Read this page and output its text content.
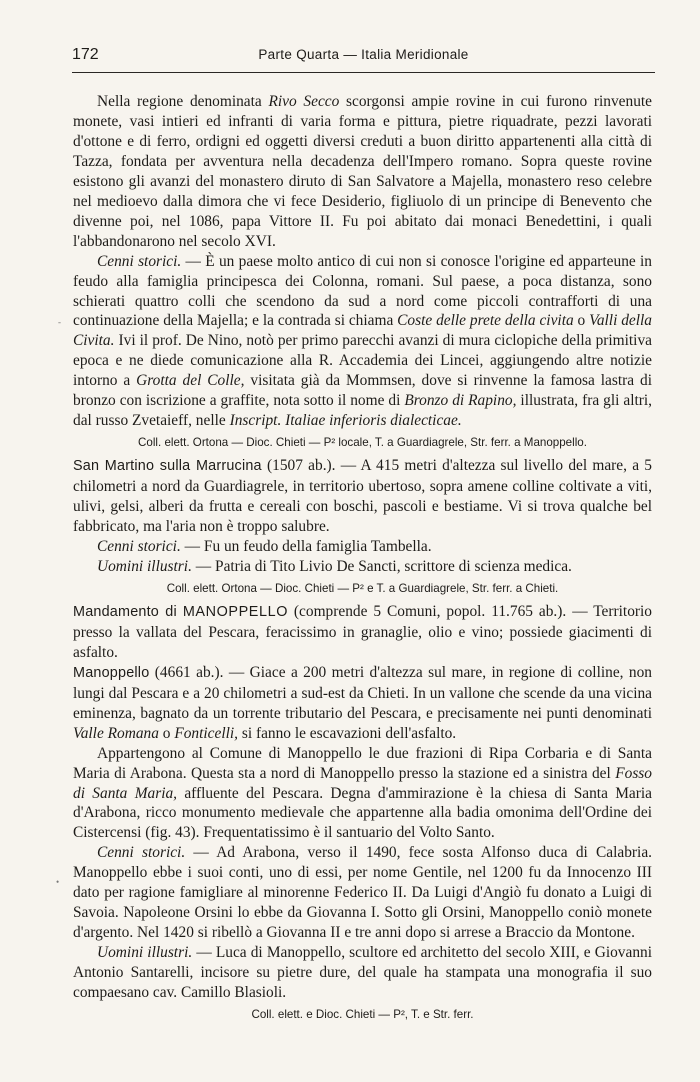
172	Parte Quarta — Italia Meridionale
-
•

Nella regione denominata Rivo Secco scorgonsi ampie rovine in cui furono rinvenute monete, vasi intieri ed infranti di varia forma e pittura, pietre riquadrate, pezzi lavorati d'ottone e di ferro, ordigni ed oggetti diversi creduti a buon diritto appartenenti alla città di Tazza, fondata per avventura nella decadenza dell'Impero romano. Sopra queste rovine esistono gli avanzi del monastero diruto di San Salvatore a Majella, monastero reso celebre nel medioevo dalla dimora che vi fece Desiderio, figliuolo di un principe di Benevento che divenne poi, nel 1086, papa Vittore II. Fu poi abitato dai monaci Benedettini, i quali l'abbandonarono nel secolo XVI.

Cenni storici. — È un paese molto antico di cui non si conosce l'origine ed apparteune in feudo alla famiglia principesca dei Colonna, romani. Sul paese, a poca distanza, sono schierati quattro colli che scendono da sud a nord come piccoli contrafforti di una continuazione della Majella; e la contrada si chiama Coste delle prete della civita o Valli della Civita. Ivi il prof. De Nino, notò per primo parecchi avanzi di mura ciclopiche della primitiva epoca e ne diede comunicazione alla R. Accademia dei Lincei, aggiungendo altre notizie intorno a Grotta del Colle, visitata già da Mommsen, dove si rinvenne la famosa lastra di bronzo con iscrizione a graffite, nota sotto il nome di Bronzo di Rapino, illustrata, fra gli altri, dal russo Zvetaieff, nelle Inscript. Italiae inferioris dialecticae.

Coll. elett. Ortona — Dioc. Chieti — P² locale, T. a Guardiagrele, Str. ferr. a Manoppello.

San Martino sulla Marrucina (1507 ab.). — A 415 metri d'altezza sul livello del mare, a 5 chilometri a nord da Guardiagrele, in territorio ubertoso, sopra amene colline coltivate a viti, ulivi, gelsi, alberi da frutta e cereali con boschi, pascoli e bestiame. Vi si trova qualche bel fabbricato, ma l'aria non è troppo salubre.

Cenni storici. — Fu un feudo della famiglia Tambella.

Uomini illustri. — Patria di Tito Livio De Sancti, scrittore di scienza medica.

Coll. elett. Ortona — Dioc. Chieti — P² e T. a Guardiagrele, Str. ferr. a Chieti.

Mandamento di MANOPPELLO (comprende 5 Comuni, popol. 11.765 ab.). — Territorio presso la vallata del Pescara, feracissimo in granaglie, olio e vino; possiede giacimenti di asfalto.

Manoppello (4661 ab.). — Giace a 200 metri d'altezza sul mare, in regione di colline, non lungi dal Pescara e a 20 chilometri a sud-est da Chieti. In un vallone che scende da una vicina eminenza, bagnato da un torrente tributario del Pescara, e precisamente nei punti denominati Valle Romana o Fonticelli, si fanno le escavazioni dell'asfalto.

Appartengono al Comune di Manoppello le due frazioni di Ripa Corbaria e di Santa Maria di Arabona. Questa sta a nord di Manoppello presso la stazione ed a sinistra del Fosso di Santa Maria, affluente del Pescara. Degna d'ammirazione è la chiesa di Santa Maria d'Arabona, ricco monumento medievale che appartenne alla badia omonima dell'Ordine dei Cistercensi (fig. 43). Frequentatissimo è il santuario del Volto Santo.

Cenni storici. — Ad Arabona, verso il 1490, fece sosta Alfonso duca di Calabria. Manoppello ebbe i suoi conti, uno di essi, per nome Gentile, nel 1200 fu da Innocenzo III dato per ragione famigliare al minorenne Federico II. Da Luigi d'Angiò fu donato a Luigi di Savoia. Napoleone Orsini lo ebbe da Giovanna I. Sotto gli Orsini, Manoppello coniò monete d'argento. Nel 1420 si ribellò a Giovanna II e tre anni dopo si arrese a Braccio da Montone.

Uomini illustri. — Luca di Manoppello, scultore ed architetto del secolo XIII, e Giovanni Antonio Santarelli, incisore su pietre dure, del quale ha stampata una monografia il suo compaesano cav. Camillo Blasioli.

Coll. elett. e Dioc. Chieti — P², T. e Str. ferr.
